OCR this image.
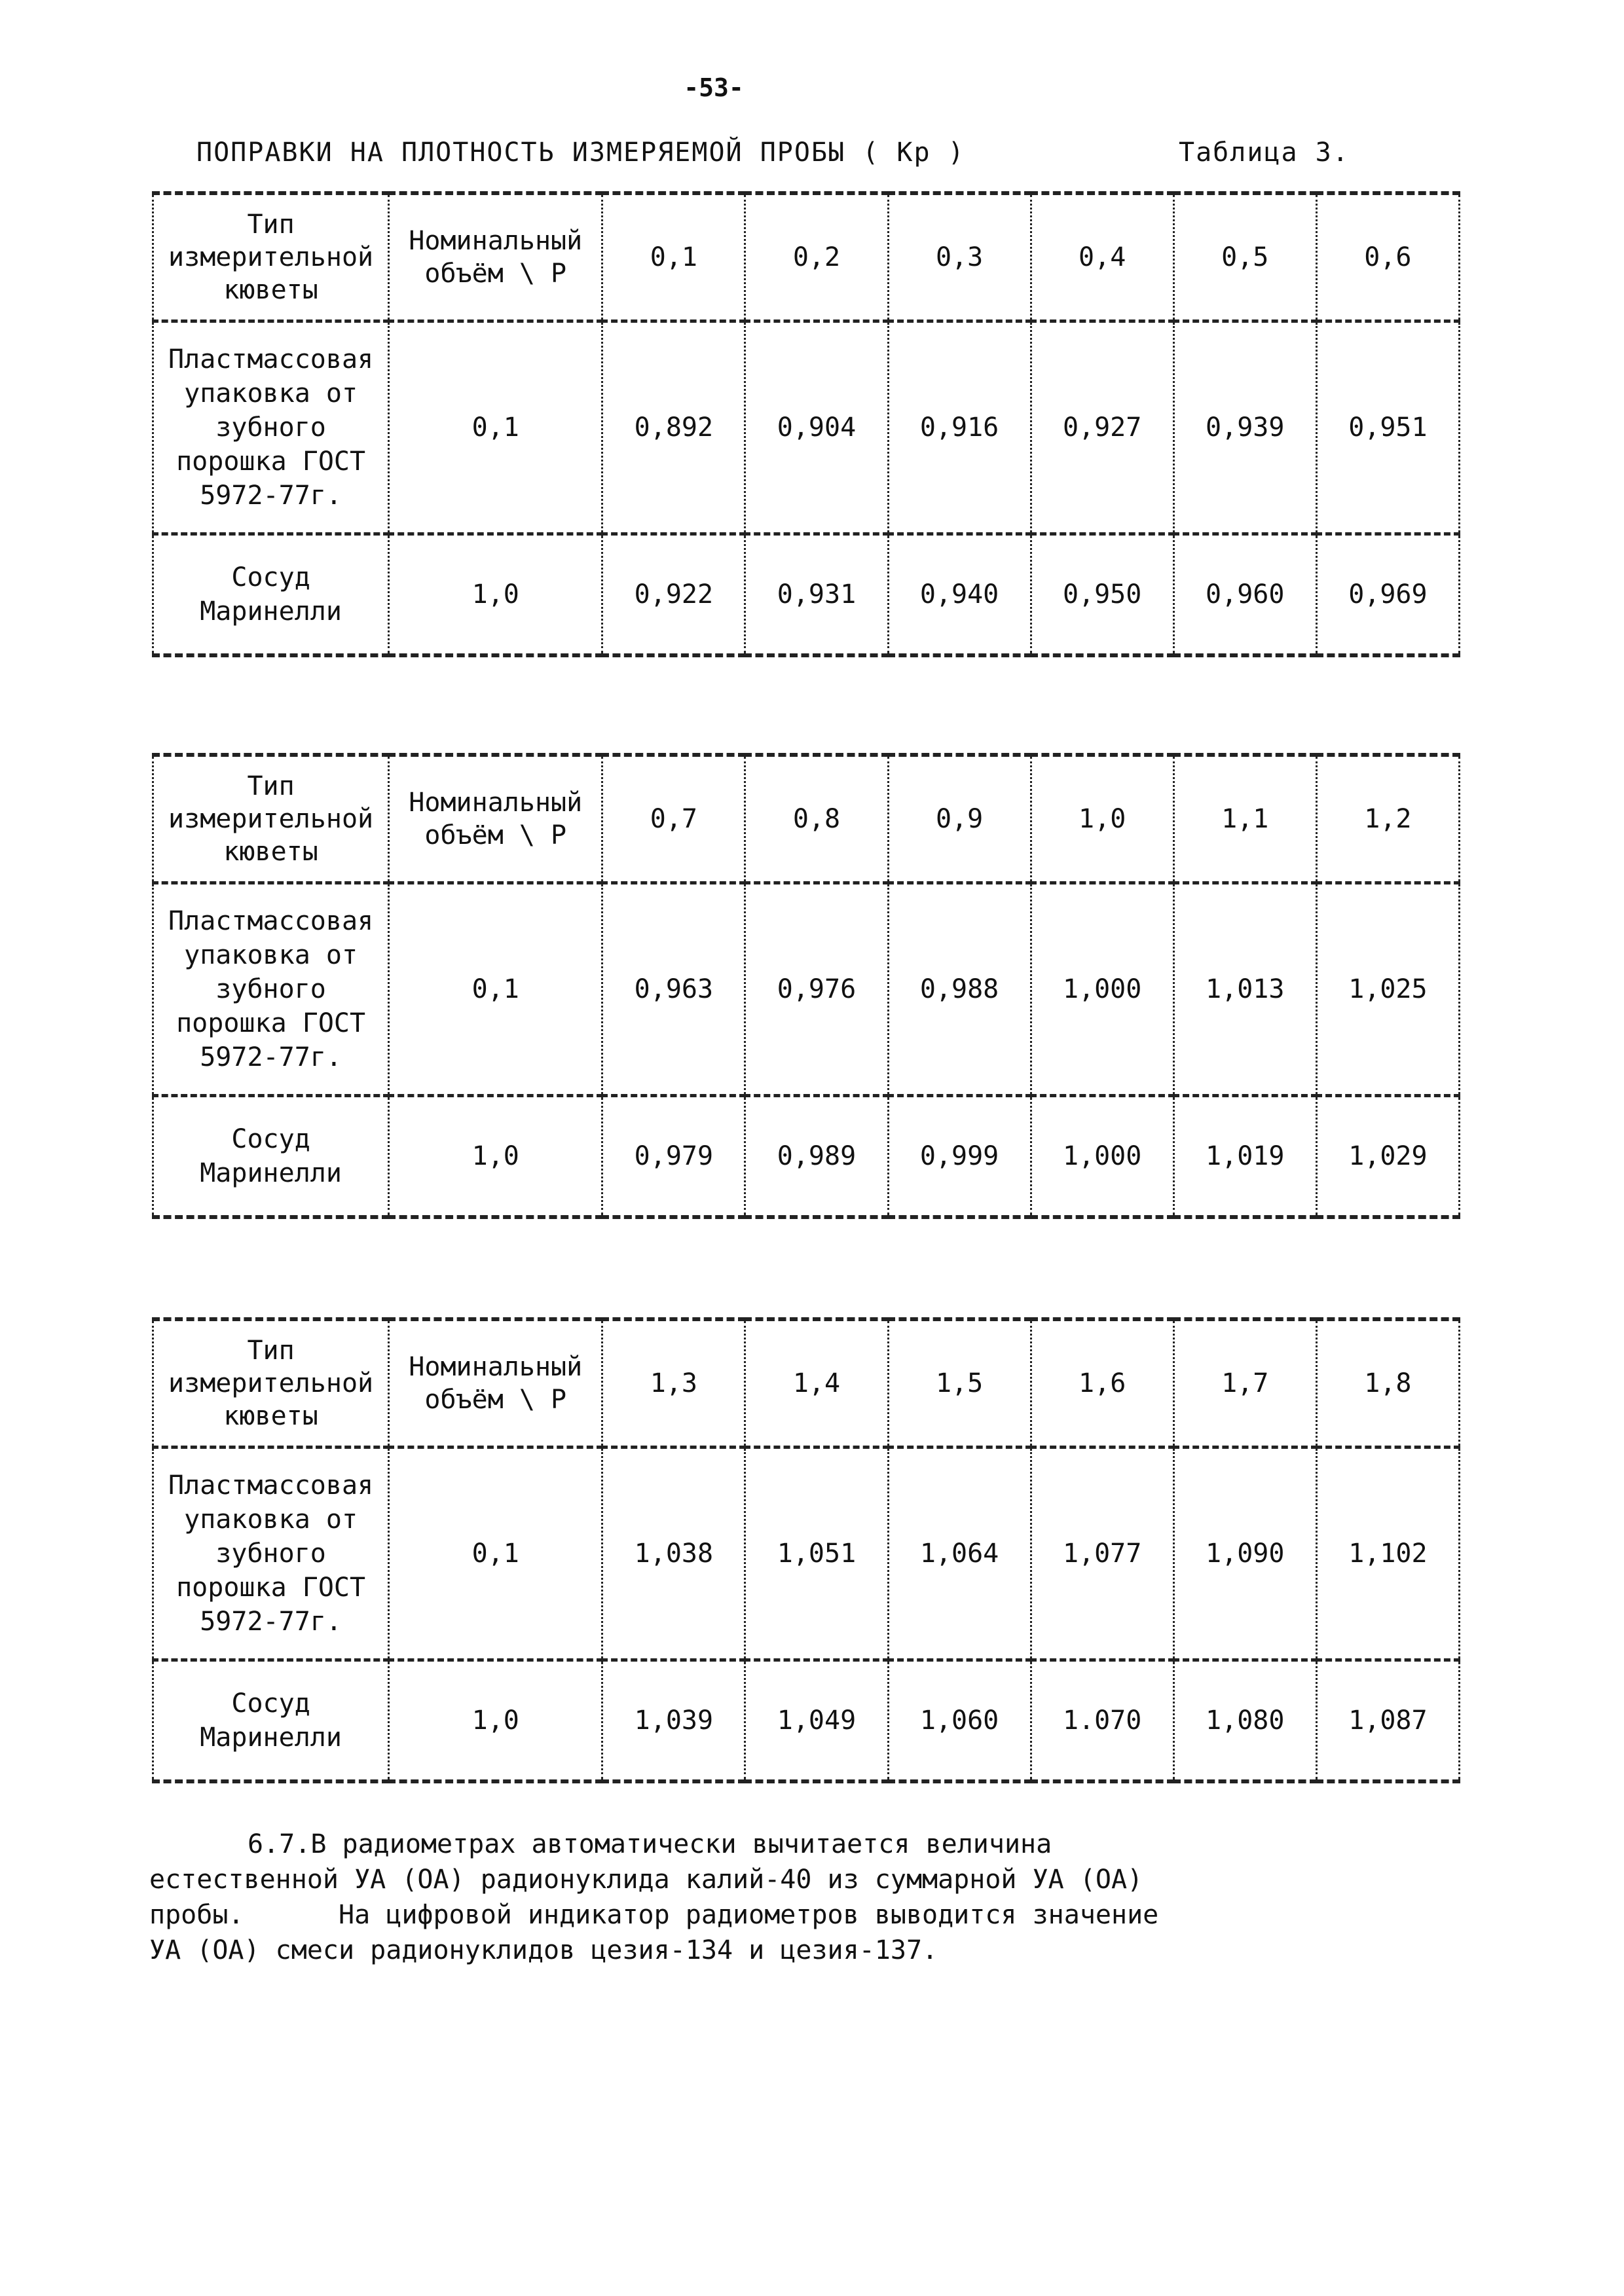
-53-
ПОПРАВКИ НА ПЛОТНОСТЬ ИЗМЕРЯЕМОЙ ПРОБЫ ( Kp )	Таблица 3.
Тип измерительной кюветы	Номинальный объём \ P	0,1	0,2	0,3	0,4	0,5	0,6
Пластмассовая упаковка от зубного порошка ГОСТ 5972-77г.	0,1	0,892	0,904	0,916	0,927	0,939	0,951
Сосуд Маринелли	1,0	0,922	0,931	0,940	0,950	0,960	0,969
Тип измерительной кюветы	Номинальный объём \ P	0,7	0,8	0,9	1,0	1,1	1,2
Пластмассовая упаковка от зубного порошка ГОСТ 5972-77г.	0,1	0,963	0,976	0,988	1,000	1,013	1,025
Сосуд Маринелли	1,0	0,979	0,989	0,999	1,000	1,019	1,029
Тип измерительной кюветы	Номинальный объём \ P	1,3	1,4	1,5	1,6	1,7	1,8
Пластмассовая упаковка от зубного порошка ГОСТ 5972-77г.	0,1	1,038	1,051	1,064	1,077	1,090	1,102
Сосуд Маринелли	1,0	1,039	1,049	1,060	1.070	1,080	1,087

6.7.В радиометрах автоматически вычитается величина

естественной УА (ОА) радионуклида калий-40 из суммарной УА (ОА)

пробы.      На цифровой индикатор радиометров выводится значение

УА (ОА) смеси радионуклидов цезия-134 и цезия-137.
